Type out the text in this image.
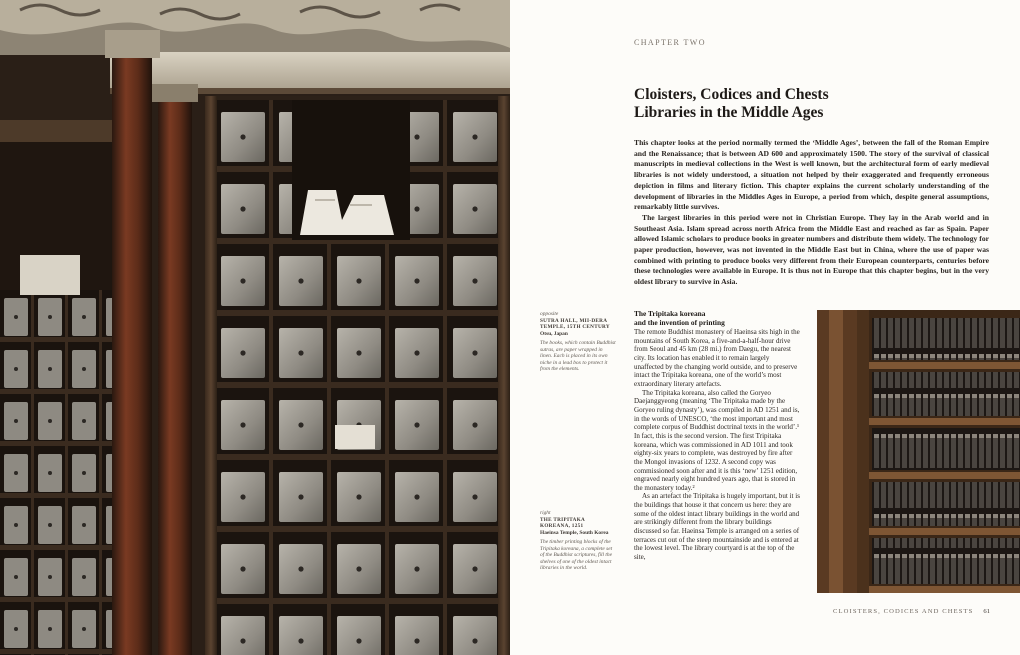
CHAPTER TWO
Cloisters, Codices and Chests
Libraries in the Middle Ages

This chapter looks at the period normally termed the ‘Middle Ages’, between the fall of the Roman Empire and the Renaissance; that is between AD 600 and approximately 1500. The story of the survival of classical manuscripts in medieval collections in the West is well known, but the architectural form of early medieval libraries is not widely understood, a situation not helped by their exaggerated and frequently erroneous depiction in films and literary fiction. This chapter explains the current scholarly understanding of the development of libraries in the Middles Ages in Europe, a period from which, despite general assumptions, remarkably little survives.

The largest libraries in this period were not in Christian Europe. They lay in the Arab world and in Southeast Asia. Islam spread across north Africa from the Middle East and reached as far as Spain. Paper allowed Islamic scholars to produce books in greater numbers and distribute them widely. The technology for paper production, however, was not invented in the Middle East but in China, where the use of paper was combined with printing to produce books very different from their European counterparts, centuries before these technologies were available in Europe. It is thus not in Europe that this chapter begins, but in the very oldest library to survive in Asia.

opposite
SUTRA HALL, MII-DERA TEMPLE, 15TH CENTURY
Otsu, Japan
The books, which contain Buddhist sutras, are paper wrapped in linen. Each is placed in its own niche in a lead box to protect it from the elements.
right
THE TRIPITAKA KOREANA, 1251
Haeinsa Temple, South Korea
The timber printing blocks of the Tripitaka koreana, a complete set of the Buddhist scriptures, fill the shelves of one of the oldest intact libraries in the world.
The Tripitaka koreana
and the invention of printing

The remote Buddhist monastery of Haeinsa sits high in the mountains of South Korea, a five-and-a-half-hour drive from Seoul and 45 km (28 mi.) from Daegu, the nearest city. Its location has enabled it to remain largely unaffected by the changing world outside, and to preserve intact the Tripitaka koreana, one of the world’s most extraordinary literary artefacts.

The Tripitaka koreana, also called the Goryeo Daejanggyeong (meaning ‘The Tripitaka made by the Goryeo ruling dynasty’), was compiled in AD 1251 and is, in the words of UNESCO, ‘the most important and most complete corpus of Buddhist doctrinal texts in the world’.¹ In fact, this is the second version. The first Tripitaka koreana, which was commissioned in AD 1011 and took eighty-six years to complete, was destroyed by fire after the Mongol invasions of 1232. A second copy was commissioned soon after and it is this ‘new’ 1251 edition, engraved nearly eight hundred years ago, that is stored in the monastery today.²

As an artefact the Tripitaka is hugely important, but it is the buildings that house it that concern us here: they are some of the oldest intact library buildings in the world and are strikingly different from the library buildings discussed so far. Haeinsa Temple is arranged on a series of terraces cut out of the steep mountainside and is entered at the lowest level. The library courtyard is at the top of the site,

CLOISTERS, CODICES AND CHESTS 61
